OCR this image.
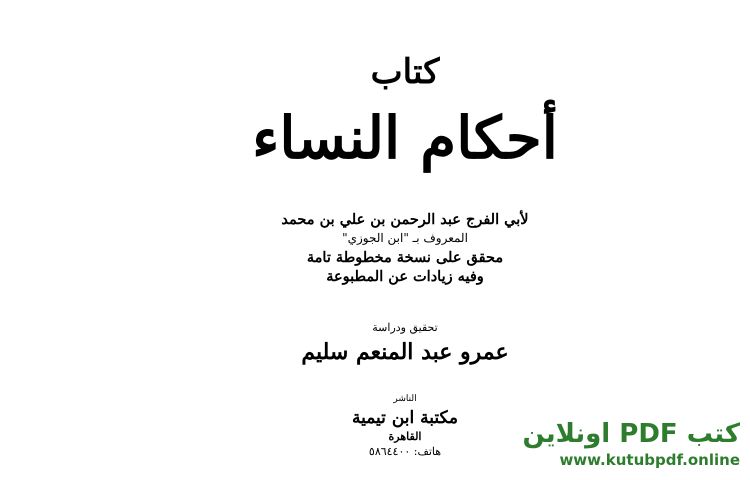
كتاب
أحكام النساء
لأبي الفرج عبد الرحمن بن علي بن محمد
المعروف بـ "ابن الجوزي"
محقق على نسخة مخطوطة تامة
وفيه زيادات عن المطبوعة
تحقيق ودراسة
عمرو عبد المنعم سليم
الناشر
مكتبة ابن تيمية
القاهرة
هاتف: ٥٨٦٤٤٠٠
كتب PDF اونلاين
www.kutubpdf.online
